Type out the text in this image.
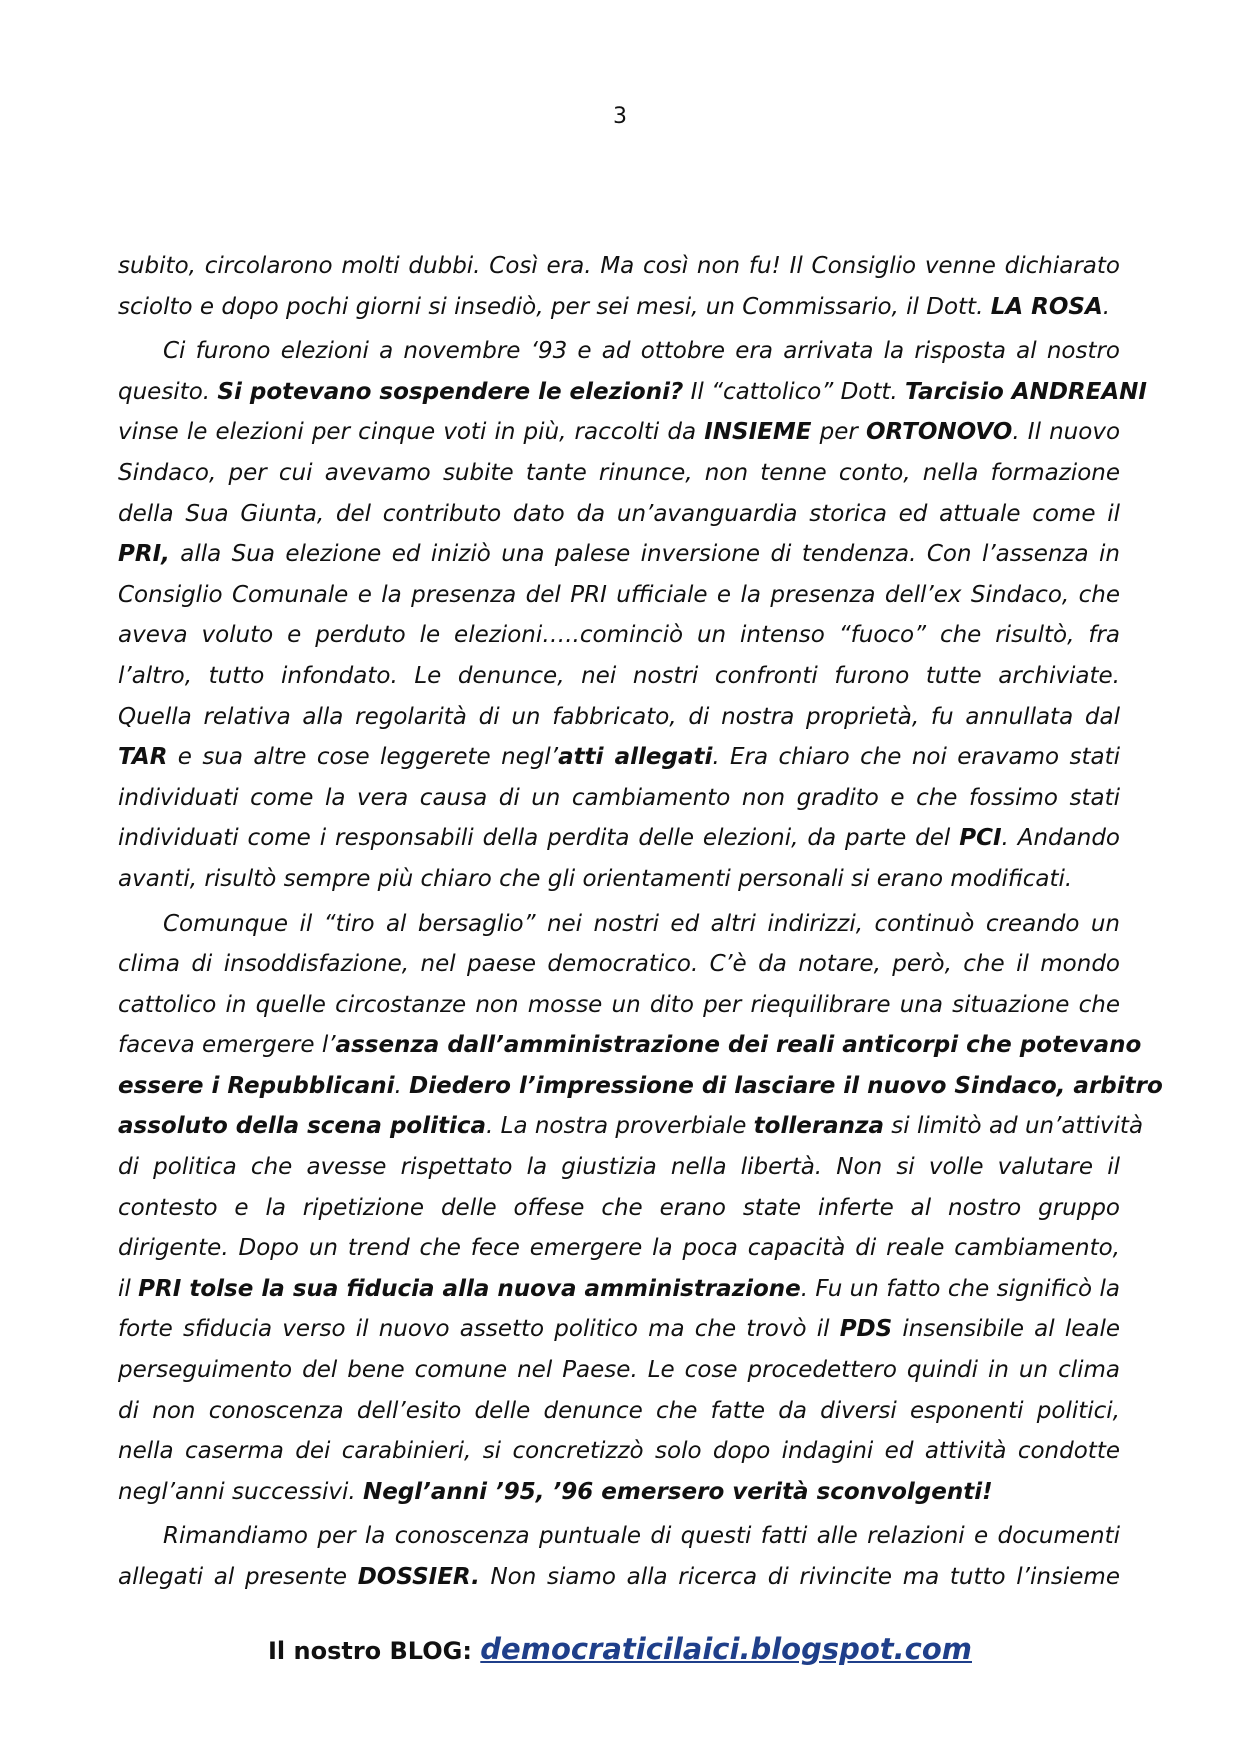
3
subito, circolarono molti dubbi. Così era. Ma così non fu! Il Consiglio venne dichiarato
sciolto e dopo pochi giorni si insediò, per sei mesi, un Commissario, il Dott. LA ROSA.
Ci furono elezioni a novembre ‘93 e ad ottobre era arrivata la risposta al nostro
quesito. Si potevano sospendere le elezioni? Il “cattolico” Dott. Tarcisio ANDREANI
vinse le elezioni per cinque voti in più, raccolti da INSIEME per ORTONOVO. Il nuovo
Sindaco, per cui avevamo subite tante rinunce, non tenne conto, nella formazione
della Sua Giunta, del contributo dato da un’avanguardia storica ed attuale come il
PRI, alla Sua elezione ed iniziò una palese inversione di tendenza. Con l’assenza in
Consiglio Comunale e la presenza del PRI ufficiale e la presenza dell’ex Sindaco, che
aveva voluto e perduto le elezioni…..cominciò un intenso “fuoco” che risultò, fra
l’altro, tutto infondato. Le denunce, nei nostri confronti furono tutte archiviate.
Quella relativa alla regolarità di un fabbricato, di nostra proprietà, fu annullata dal
TAR e sua altre cose leggerete negl’atti allegati. Era chiaro che noi eravamo stati
individuati come la vera causa di un cambiamento non gradito e che fossimo stati
individuati come i responsabili della perdita delle elezioni, da parte del PCI. Andando
avanti, risultò sempre più chiaro che gli orientamenti personali si erano modificati.
Comunque il “tiro al bersaglio” nei nostri ed altri indirizzi, continuò creando un
clima di insoddisfazione, nel paese democratico. C’è da notare, però, che il mondo
cattolico in quelle circostanze non mosse un dito per riequilibrare una situazione che
faceva emergere l’assenza dall’amministrazione dei reali anticorpi che potevano
essere i Repubblicani. Diedero l’impressione di lasciare il nuovo Sindaco, arbitro
assoluto della scena politica. La nostra proverbiale tolleranza si limitò ad un’attività
di politica che avesse rispettato la giustizia nella libertà. Non si volle valutare il
contesto e la ripetizione delle offese che erano state inferte al nostro gruppo
dirigente. Dopo un trend che fece emergere la poca capacità di reale cambiamento,
il PRI tolse la sua fiducia alla nuova amministrazione. Fu un fatto che significò la
forte sfiducia verso il nuovo assetto politico ma che trovò il PDS insensibile al leale
perseguimento del bene comune nel Paese. Le cose procedettero quindi in un clima
di non conoscenza dell’esito delle denunce che fatte da diversi esponenti politici,
nella caserma dei carabinieri, si concretizzò solo dopo indagini ed attività condotte
negl’anni successivi. Negl’anni ’95, ’96 emersero verità sconvolgenti!
Rimandiamo per la conoscenza puntuale di questi fatti alle relazioni e documenti
allegati al presente DOSSIER. Non siamo alla ricerca di rivincite ma tutto l’insieme
Il nostro BLOG: democraticilaici.blogspot.com
